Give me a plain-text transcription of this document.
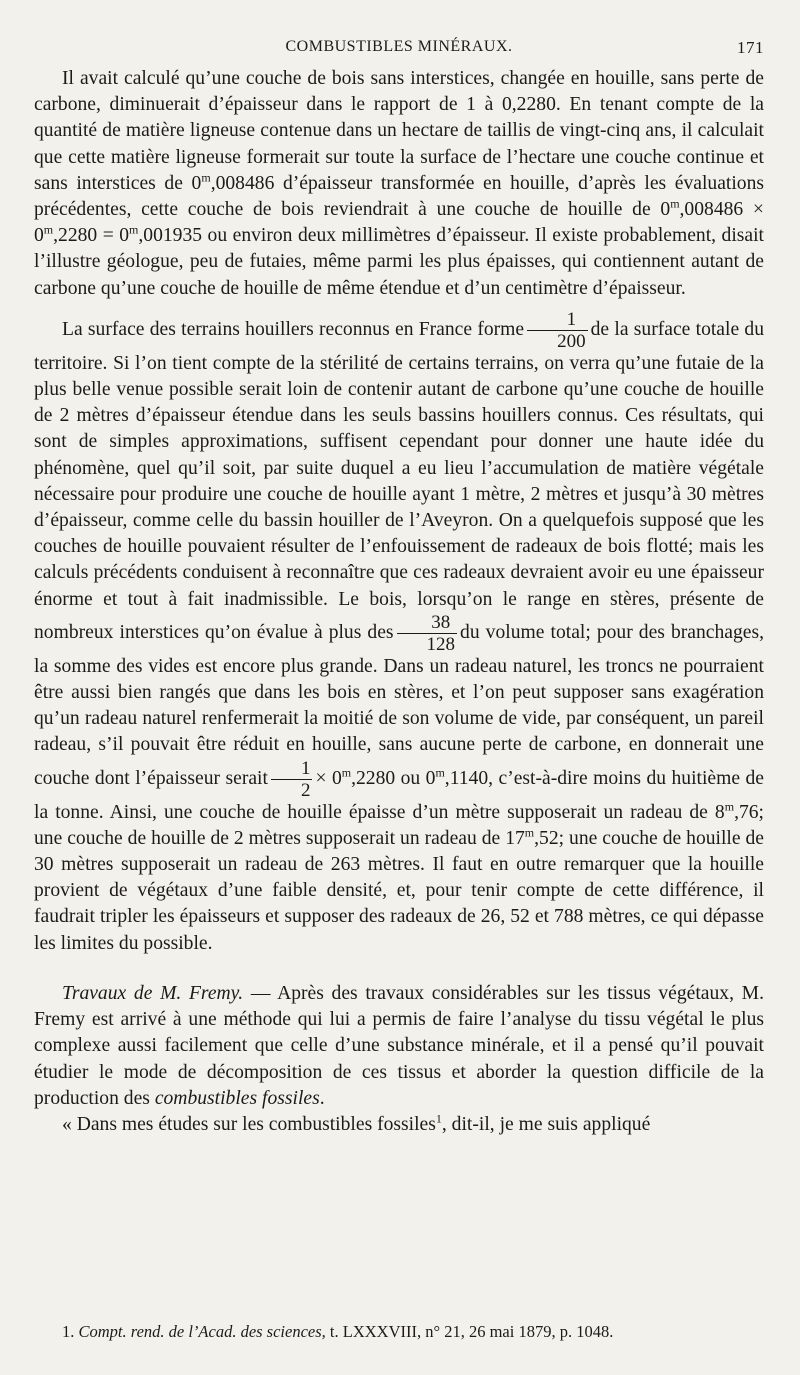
COMBUSTIBLES MINÉRAUX.	171

Il avait calculé qu’une couche de bois sans interstices, changée en houille, sans perte de carbone, diminuerait d’épaisseur dans le rapport de 1 à 0,2280. En tenant compte de la quantité de matière ligneuse contenue dans un hectare de taillis de vingt-cinq ans, il calculait que cette matière ligneuse formerait sur toute la surface de l’hectare une couche continue et sans interstices de 0$^m$,008486 d’épaisseur transformée en houille, d’après les évaluations précédentes, cette couche de bois reviendrait à une couche de houille de $0^m,008486 \times 0^m,2280 = 0^m,001935$ ou environ deux millimètres d’épaisseur. Il existe probablement, disait l’illustre géologue, peu de futaies, même parmi les plus épaisses, qui contiennent autant de carbone qu’une couche de houille de même étendue et d’un centimètre d’épaisseur.

La surface des terrains houillers reconnus en France forme $\frac{1}{200}$ de la surface totale du territoire. Si l’on tient compte de la stérilité de certains terrains, on verra qu’une futaie de la plus belle venue possible serait loin de contenir autant de carbone qu’une couche de houille de 2 mètres d’épaisseur étendue dans les seuls bassins houillers connus. Ces résultats, qui sont de simples approximations, suffisent cependant pour donner une haute idée du phénomène, quel qu’il soit, par suite duquel a eu lieu l’accumulation de matière végétale nécessaire pour produire une couche de houille ayant 1 mètre, 2 mètres et jusqu’à 30 mètres d’épaisseur, comme celle du bassin houiller de l’Aveyron. On a quelquefois supposé que les couches de houille pouvaient résulter de l’enfouissement de radeaux de bois flotté; mais les calculs précédents conduisent à reconnaître que ces radeaux devraient avoir eu une épaisseur énorme et tout à fait inadmissible. Le bois, lorsqu’on le range en stères, présente de nombreux interstices qu’on évalue à plus des $\frac{38}{128}$ du volume total; pour des branchages, la somme des vides est encore plus grande. Dans un radeau naturel, les troncs ne pourraient être aussi bien rangés que dans les bois en stères, et l’on peut supposer sans exagération qu’un radeau naturel renfermerait la moitié de son volume de vide, par conséquent, un pareil radeau, s’il pouvait être réduit en houille, sans aucune perte de carbone, en donnerait une couche dont l’épaisseur serait $\frac{1}{2} \times 0^m,2280$ ou 0$^m$,1140, c’est-à-dire moins du huitième de la tonne. Ainsi, une couche de houille épaisse d’un mètre supposerait un radeau de 8$^m$,76; une couche de houille de 2 mètres supposerait un radeau de 17$^m$,52; une couche de houille de 30 mètres supposerait un radeau de 263 mètres. Il faut en outre remarquer que la houille provient de végétaux d’une faible densité, et, pour tenir compte de cette différence, il faudrait tripler les épaisseurs et supposer des radeaux de 26, 52 et 788 mètres, ce qui dépasse les limites du possible.

Travaux de M. Fremy. — Après des travaux considérables sur les tissus végétaux, M. Fremy est arrivé à une méthode qui lui a permis de faire l’analyse du tissu végétal le plus complexe aussi facilement que celle d’une substance minérale, et il a pensé qu’il pouvait étudier le mode de décomposition de ces tissus et aborder la question difficile de la production des combustibles fossiles.

« Dans mes études sur les combustibles fossiles$^1$, dit-il, je me suis appliqué

1. Compt. rend. de l’Acad. des sciences, t. LXXXVIII, n° 21, 26 mai 1879, p. 1048.
